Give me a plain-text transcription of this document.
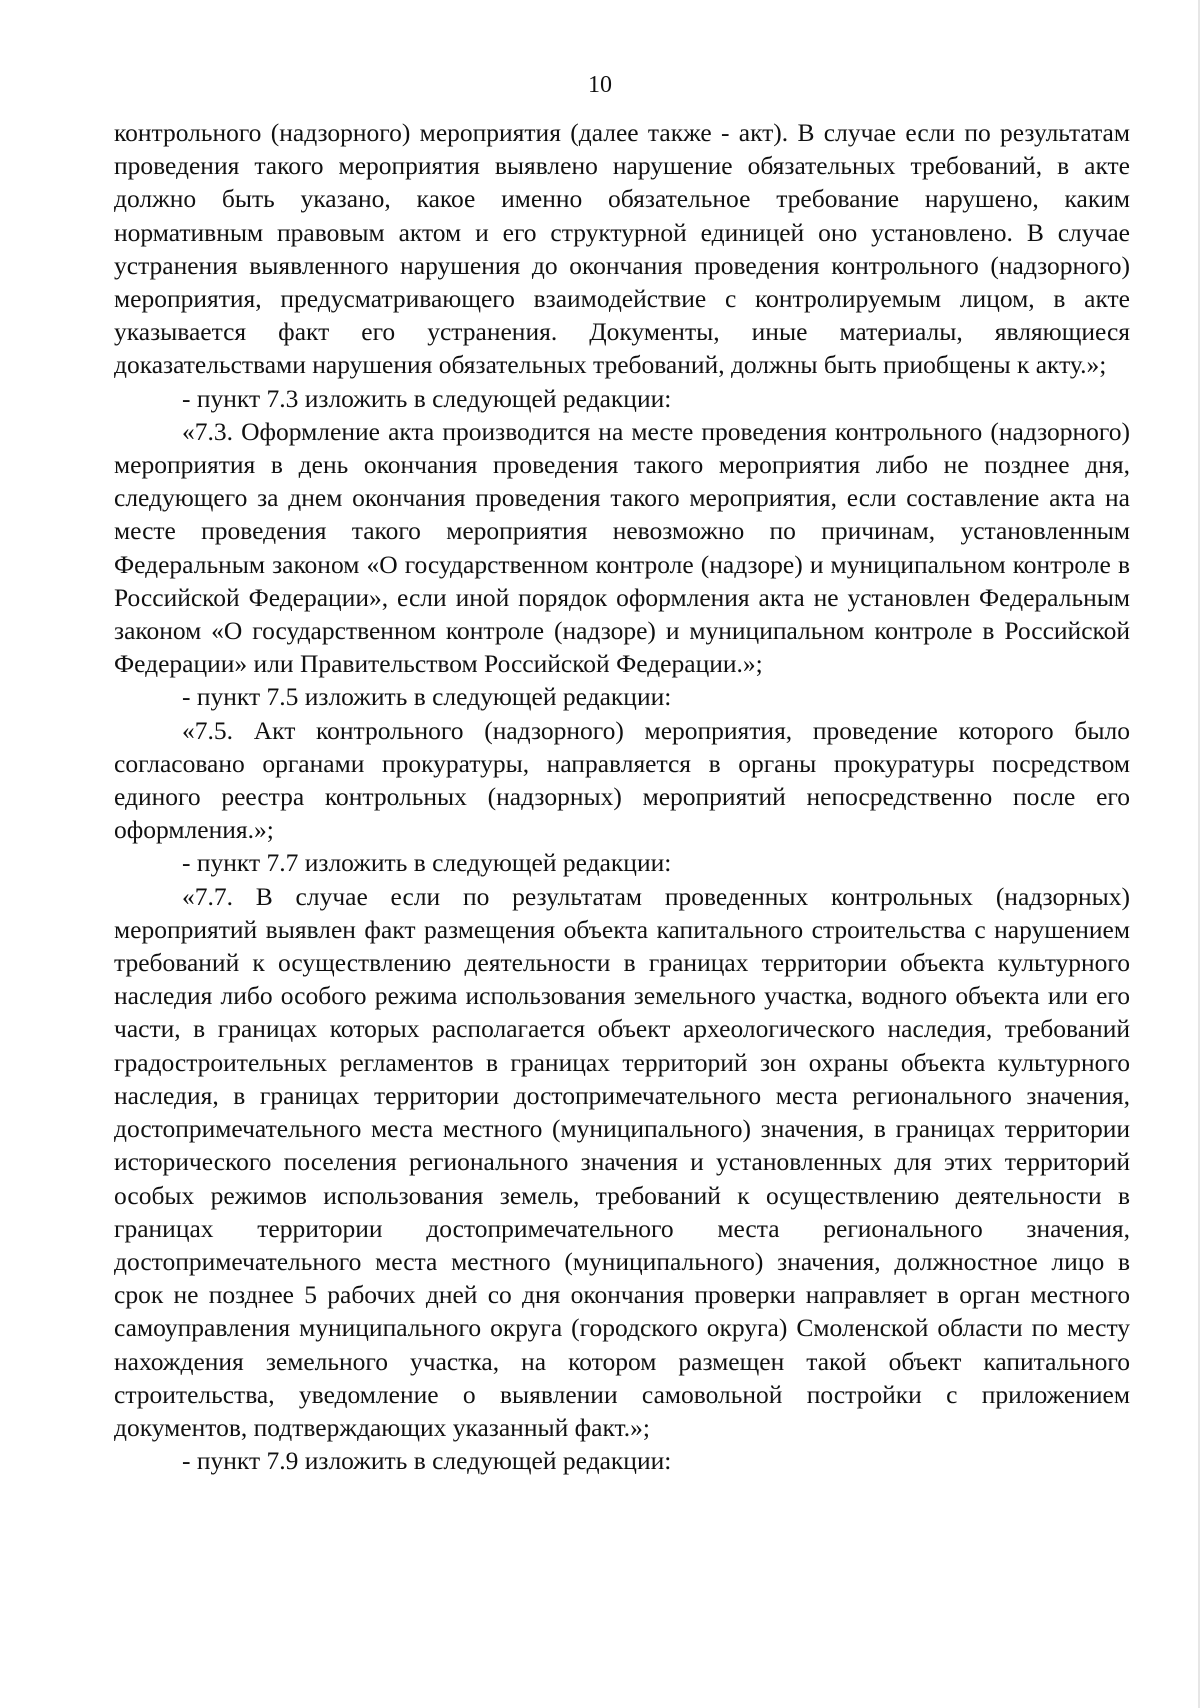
10

контрольного (надзорного) мероприятия (далее также - акт). В случае если по результатам проведения такого мероприятия выявлено нарушение обязательных требований, в акте должно быть указано, какое именно обязательное требование нарушено, каким нормативным правовым актом и его структурной единицей оно установлено. В случае устранения выявленного нарушения до окончания проведения контрольного (надзорного) мероприятия, предусматривающего взаимодействие с контролируемым лицом, в акте указывается факт его устранения. Документы, иные материалы, являющиеся доказательствами нарушения обязательных требований, должны быть приобщены к акту.»;

- пункт 7.3 изложить в следующей редакции:

«7.3. Оформление акта производится на месте проведения контрольного (надзорного) мероприятия в день окончания проведения такого мероприятия либо не позднее дня, следующего за днем окончания проведения такого мероприятия, если составление акта на месте проведения такого мероприятия невозможно по причинам, установленным Федеральным законом «О государственном контроле (надзоре) и муниципальном контроле в Российской Федерации», если иной порядок оформления акта не установлен Федеральным законом «О государственном контроле (надзоре) и муниципальном контроле в Российской Федерации» или Правительством Российской Федерации.»;

- пункт 7.5 изложить в следующей редакции:

«7.5. Акт контрольного (надзорного) мероприятия, проведение которого было согласовано органами прокуратуры, направляется в органы прокуратуры посредством единого реестра контрольных (надзорных) мероприятий непосредственно после его оформления.»;

- пункт 7.7 изложить в следующей редакции:

«7.7. В случае если по результатам проведенных контрольных (надзорных) мероприятий выявлен факт размещения объекта капитального строительства с нарушением требований к осуществлению деятельности в границах территории объекта культурного наследия либо особого режима использования земельного участка, водного объекта или его части, в границах которых располагается объект археологического наследия, требований градостроительных регламентов в границах территорий зон охраны объекта культурного наследия, в границах территории достопримечательного места регионального значения, достопримечательного места местного (муниципального) значения, в границах территории исторического поселения регионального значения и установленных для этих территорий особых режимов использования земель, требований к осуществлению деятельности в границах территории достопримечательного места регионального значения, достопримечательного места местного (муниципального) значения, должностное лицо в срок не позднее 5 рабочих дней со дня окончания проверки направляет в орган местного самоуправления муниципального округа (городского округа) Смоленской области по месту нахождения земельного участка, на котором размещен такой объект капитального строительства, уведомление о выявлении самовольной постройки с приложением документов, подтверждающих указанный факт.»;

- пункт 7.9 изложить в следующей редакции:
